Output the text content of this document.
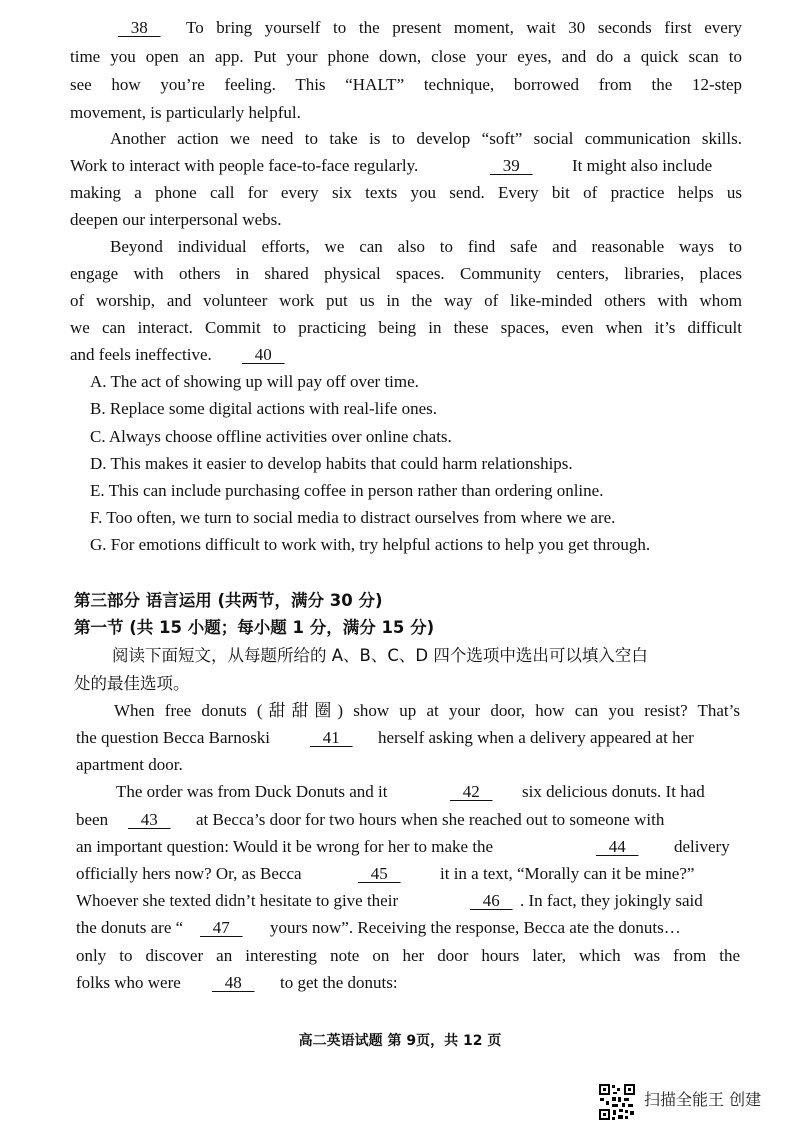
38 To bring yourself to the present moment, wait 30 seconds first every

time you open an app. Put your phone down, close your eyes, and do a quick scan to

see how you’re feeling. This “HALT” technique, borrowed from the 12-step

movement, is particularly helpful.

Another action we need to take is to develop “soft” social communication skills.

Work to interact with people face-to-face regularly.	39 It might also include

making a phone call for every six texts you send. Every bit of practice helps us

deepen our interpersonal webs.

Beyond individual efforts, we can also to find safe and reasonable ways to

engage with others in shared physical spaces. Community centers, libraries, places

of worship, and volunteer work put us in the way of like-minded others with whom

we can interact. Commit to practicing being in these spaces, even when it’s difficult

and feels ineffective. 40

A. The act of showing up will pay off over time.

B. Replace some digital actions with real-life ones.

C. Always choose offline activities over online chats.

D. This makes it easier to develop habits that could harm relationships.

E. This can include purchasing coffee in person rather than ordering online.

F. Too often, we turn to social media to distract ourselves from where we are.

G. For emotions difficult to work with, try helpful actions to help you get through.

第三部分 语言运用 (共两节，满分 30 分)

第一节 (共 15 小题；每小题 1 分，满分 15 分)

阅读下面短文，从每题所给的 A、B、C、D 四个选项中选出可以填入空白

处的最佳选项。

When free donuts (甜甜圈) show up at your door, how can you resist? That’s

the question Becca Barnoski 41 herself asking when a delivery appeared at her

apartment door.

The order was from Duck Donuts and it	42 six delicious donuts. It had

been 43 at Becca’s door for two hours when she reached out to someone with

an important question: Would it be wrong for her to make the	44 delivery

officially hers now? Or, as Becca	45 it in a text, “Morally can it be mine?”

Whoever she texted didn’t hesitate to give their	46 . In fact, they jokingly said

the donuts are “ 47 yours now”. Receiving the response, Becca ate the donuts…

only to discover an interesting note on her door hours later, which was from the

folks who were 48 to get the donuts:

高二英语试题 第 9页，共 12 页

扫描全能王 创建
